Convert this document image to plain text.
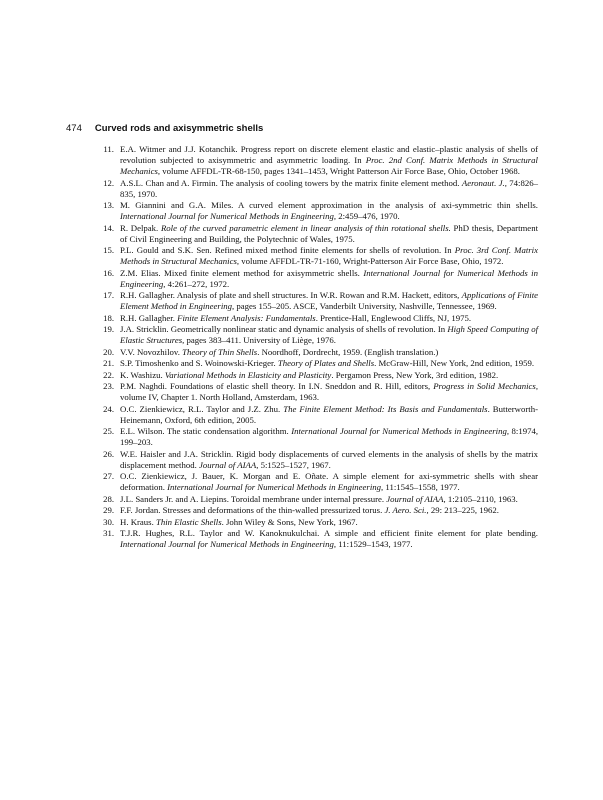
474 Curved rods and axisymmetric shells
11. E.A. Witmer and J.J. Kotanchik. Progress report on discrete element elastic and elastic–plastic analysis of shells of revolution subjected to axisymmetric and asymmetric loading. In Proc. 2nd Conf. Matrix Methods in Structural Mechanics, volume AFFDL-TR-68-150, pages 1341–1453, Wright Patterson Air Force Base, Ohio, October 1968.
12. A.S.L. Chan and A. Firmin. The analysis of cooling towers by the matrix finite element method. Aeronaut. J., 74:826–835, 1970.
13. M. Giannini and G.A. Miles. A curved element approximation in the analysis of axi-symmetric thin shells. International Journal for Numerical Methods in Engineering, 2:459–476, 1970.
14. R. Delpak. Role of the curved parametric element in linear analysis of thin rotational shells. PhD thesis, Department of Civil Engineering and Building, the Polytechnic of Wales, 1975.
15. P.L. Gould and S.K. Sen. Refined mixed method finite elements for shells of revolution. In Proc. 3rd Conf. Matrix Methods in Structural Mechanics, volume AFFDL-TR-71-160, Wright-Patterson Air Force Base, Ohio, 1972.
16. Z.M. Elias. Mixed finite element method for axisymmetric shells. International Journal for Numerical Methods in Engineering, 4:261–272, 1972.
17. R.H. Gallagher. Analysis of plate and shell structures. In W.R. Rowan and R.M. Hackett, editors, Applications of Finite Element Method in Engineering, pages 155–205. ASCE, Vanderbilt University, Nashville, Tennessee, 1969.
18. R.H. Gallagher. Finite Element Analysis: Fundamentals. Prentice-Hall, Englewood Cliffs, NJ, 1975.
19. J.A. Stricklin. Geometrically nonlinear static and dynamic analysis of shells of revolution. In High Speed Computing of Elastic Structures, pages 383–411. University of Liège, 1976.
20. V.V. Novozhilov. Theory of Thin Shells. Noordhoff, Dordrecht, 1959. (English translation.)
21. S.P. Timoshenko and S. Woinowski-Krieger. Theory of Plates and Shells. McGraw-Hill, New York, 2nd edition, 1959.
22. K. Washizu. Variational Methods in Elasticity and Plasticity. Pergamon Press, New York, 3rd edition, 1982.
23. P.M. Naghdi. Foundations of elastic shell theory. In I.N. Sneddon and R. Hill, editors, Progress in Solid Mechanics, volume IV, Chapter 1. North Holland, Amsterdam, 1963.
24. O.C. Zienkiewicz, R.L. Taylor and J.Z. Zhu. The Finite Element Method: Its Basis and Fundamentals. Butterworth-Heinemann, Oxford, 6th edition, 2005.
25. E.L. Wilson. The static condensation algorithm. International Journal for Numerical Methods in Engineering, 8:1974, 199–203.
26. W.E. Haisler and J.A. Stricklin. Rigid body displacements of curved elements in the analysis of shells by the matrix displacement method. Journal of AIAA, 5:1525–1527, 1967.
27. O.C. Zienkiewicz, J. Bauer, K. Morgan and E. Oñate. A simple element for axi-symmetric shells with shear deformation. International Journal for Numerical Methods in Engineering, 11:1545–1558, 1977.
28. J.L. Sanders Jr. and A. Liepins. Toroidal membrane under internal pressure. Journal of AIAA, 1:2105–2110, 1963.
29. F.F. Jordan. Stresses and deformations of the thin-walled pressurized torus. J. Aero. Sci., 29: 213–225, 1962.
30. H. Kraus. Thin Elastic Shells. John Wiley & Sons, New York, 1967.
31. T.J.R. Hughes, R.L. Taylor and W. Kanoknukulchai. A simple and efficient finite element for plate bending. International Journal for Numerical Methods in Engineering, 11:1529–1543, 1977.
